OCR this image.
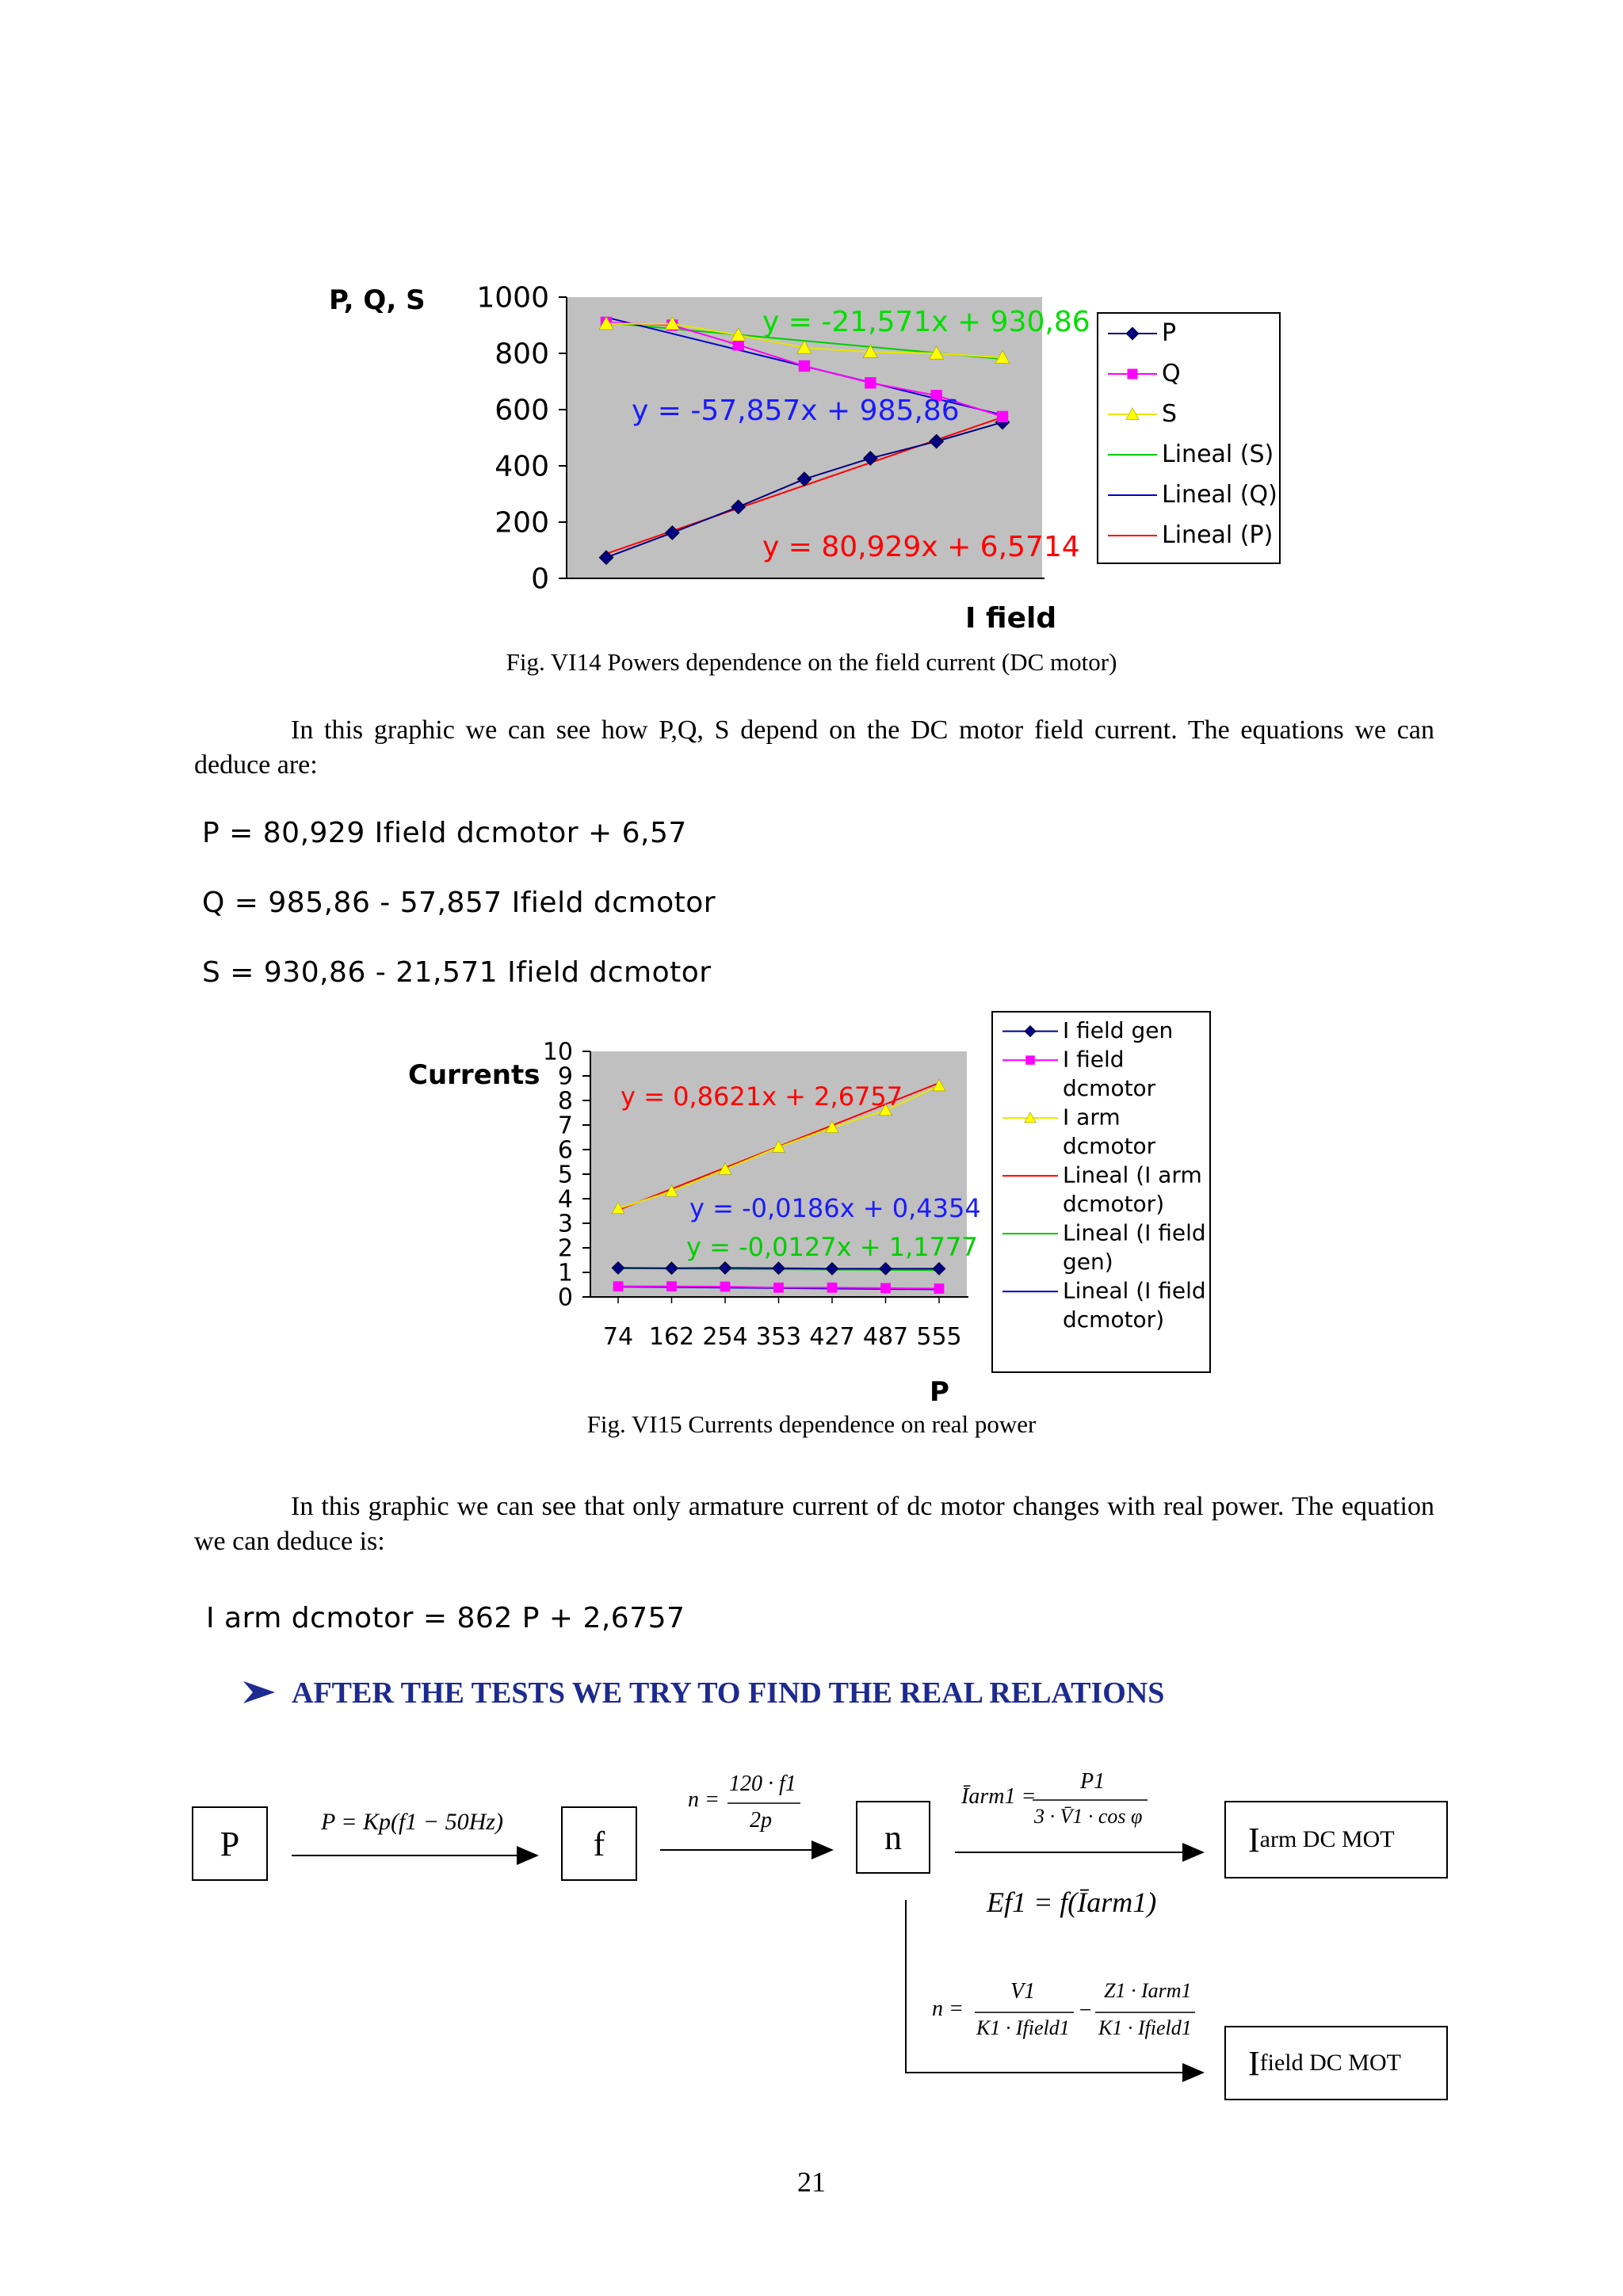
P, Q, S
0
200
400
600
800
1000
y = -21,571x + 930,86
y = -57,857x + 985,86
y = 80,929x + 6,5714
I field
P
Q
S
Lineal (S)
Lineal (Q)
Lineal (P)
Fig. VI14 Powers dependence on the field current (DC motor)
In this graphic we can see how P,Q, S depend on the DC motor field current. The equations we can deduce are:
P = 80,929 Ifield dcmotor + 6,57
Q = 985,86 - 57,857 Ifield dcmotor
S = 930,86 - 21,571 Ifield dcmotor
Currents
0
1
2
3
4
5
6
7
8
9
10
74 162 254 353 427 487 555
y = 0,8621x + 2,6757
y = -0,0186x + 0,4354
y = -0,0127x + 1,1777
P
I field gen
I field
dcmotor
I arm
dcmotor
Lineal (I arm
dcmotor)
Lineal (I field
gen)
Lineal (I field
dcmotor)
Fig. VI15 Currents dependence on real power
In this graphic we can see that only armature current of dc motor changes with real power. The equation we can deduce is:
I arm dcmotor = 862 P + 2,6757
AFTER THE TESTS WE TRY TO FIND THE REAL RELATIONS
P	f	n	I arm DC MOT
I field DC MOT
P = Kp(f1 − 50Hz)
n =
120 · f1
2p
Īarm1 =
P1
3 · V̄1 · cos φ
Ef1 = f(Īarm1)
n =
V1
K1 · Ifield1
−
Z1 · Iarm1
K1 · Ifield1
21
